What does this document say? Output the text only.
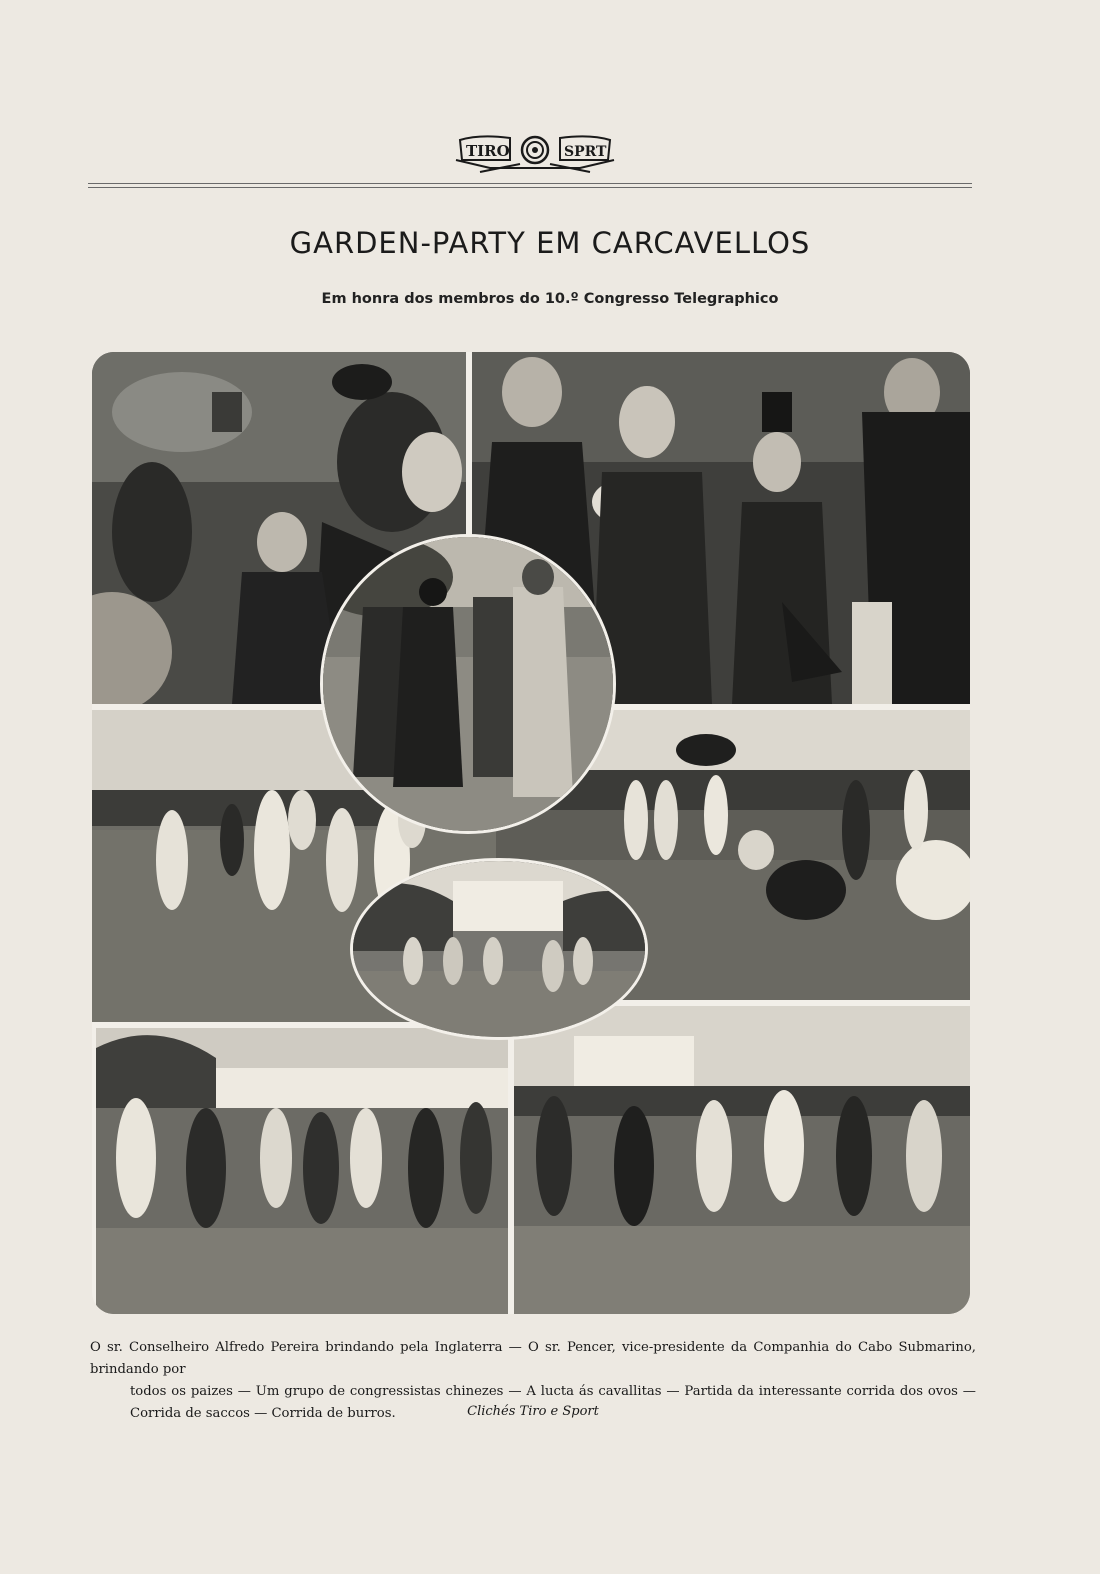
TIRO	SPRT
GARDEN-PARTY EM CARCAVELLOS
Em honra dos membros do 10.º Congresso Telegraphico
O sr. Conselheiro Alfredo Pereira brindando pela Inglaterra — O sr. Pencer, vice-presidente da Companhia do Cabo Submarino, brindando por
todos os paizes — Um grupo de congressistas chinezes — A lucta ás cavallitas — Partida da interessante corrida dos ovos — Corrida de saccos — Corrida de burros.	Clichés Tiro e Sport
